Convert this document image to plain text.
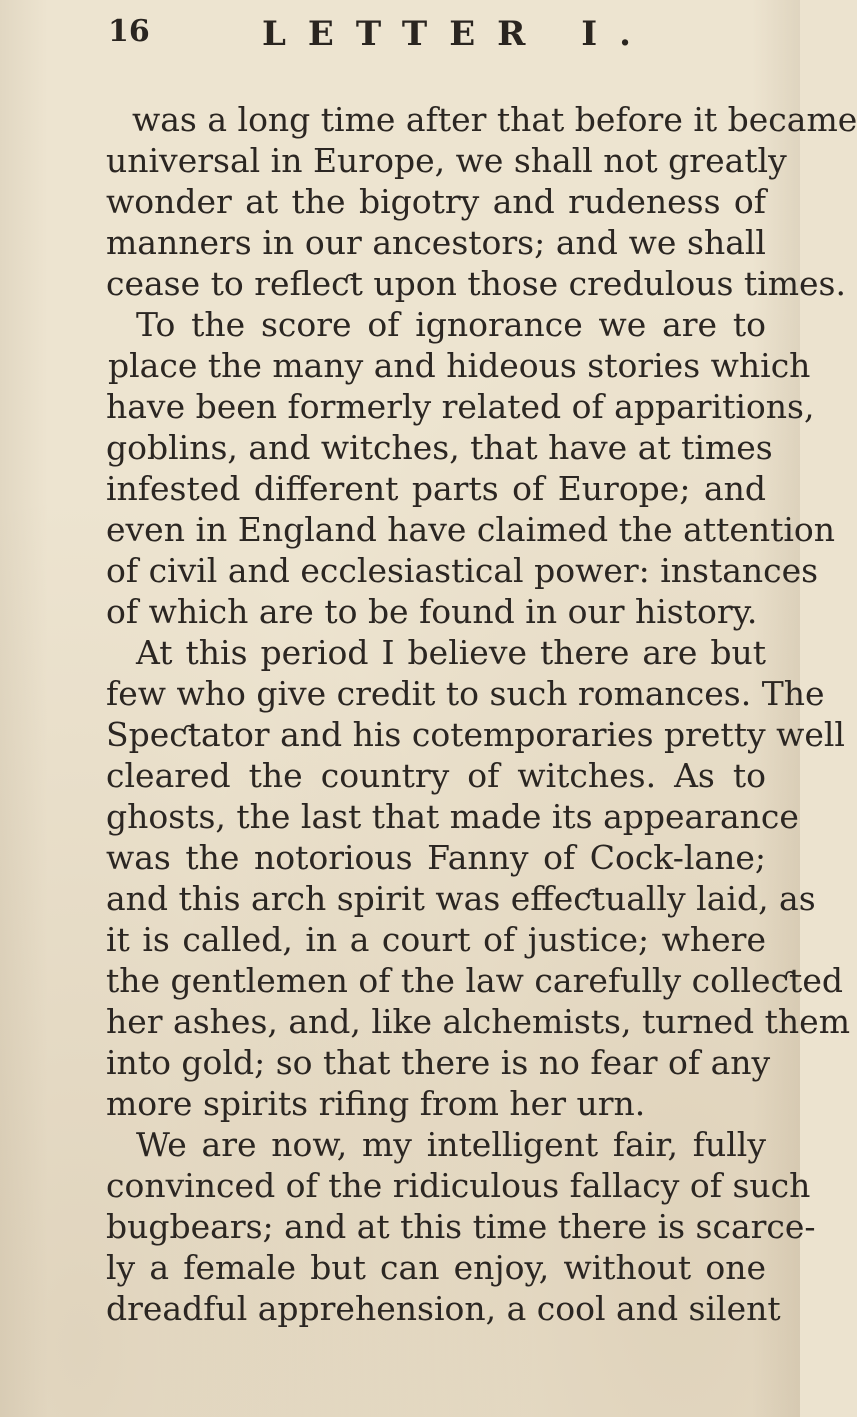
16	LETTER I.
was a long time after that before it became
universal in Europe, we shall not greatly
wonder at the bigotry and rudeness of
manners in our ancestors; and we shall
cease to refleƈt upon those credulous times.
To the score of ignorance we are to
place the many and hideous stories which
have been formerly related of apparitions,
goblins, and witches, that have at times
infested different parts of Europe; and
even in England have claimed the attention
of civil and ecclesiastical power: instances
of which are to be found in our history.
At this period I believe there are but
few who give credit to such romances. The
Speƈtator and his cotemporaries pretty well
cleared the country of witches. As to
ghosts, the last that made its appearance
was the notorious Fanny of Cock-lane;
and this arch spirit was effeƈtually laid, as
it is called, in a court of justice; where
the gentlemen of the law carefully colleƈted
her ashes, and, like alchemists, turned them
into gold; so that there is no fear of any
more spirits rifing from her urn.
We are now, my intelligent fair, fully
convinced of the ridiculous fallacy of such
bugbears; and at this time there is scarce-
ly a female but can enjoy, without one
dreadful apprehension, a cool and silent
